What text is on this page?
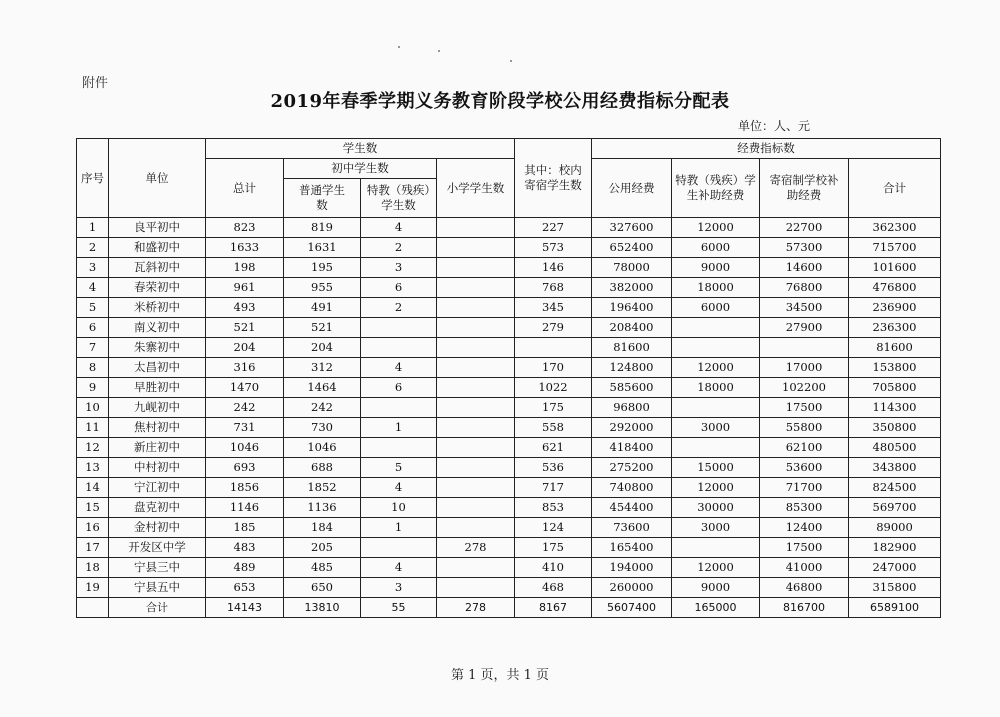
附件
2019年春季学期义务教育阶段学校公用经费指标分配表
单位：人、元
序号	单位	学生数				其中：校内寄宿学生数	经费指标数			
		总计	初中学生数		小学学生数		公用经费	特教（残疾）学生补助经费	寄宿制学校补助经费	合计
			普通学生数	特教（残疾）学生数						
1	良平初中	823	819	4		227	327600	12000	22700	362300
2	和盛初中	1633	1631	2		573	652400	6000	57300	715700
3	瓦斜初中	198	195	3		146	78000	9000	14600	101600
4	春荣初中	961	955	6		768	382000	18000	76800	476800
5	米桥初中	493	491	2		345	196400	6000	34500	236900
6	南义初中	521	521			279	208400		27900	236300
7	朱寨初中	204	204				81600			81600
8	太昌初中	316	312	4		170	124800	12000	17000	153800
9	早胜初中	1470	1464	6		1022	585600	18000	102200	705800
10	九岘初中	242	242			175	96800		17500	114300
11	焦村初中	731	730	1		558	292000	3000	55800	350800
12	新庄初中	1046	1046			621	418400		62100	480500
13	中村初中	693	688	5		536	275200	15000	53600	343800
14	宁江初中	1856	1852	4		717	740800	12000	71700	824500
15	盘克初中	1146	1136	10		853	454400	30000	85300	569700
16	金村初中	185	184	1		124	73600	3000	12400	89000
17	开发区中学	483	205		278	175	165400		17500	182900
18	宁县三中	489	485	4		410	194000	12000	41000	247000
19	宁县五中	653	650	3		468	260000	9000	46800	315800
	合计	14143	13810	55	278	8167	5607400	165000	816700	6589100
第 1 页，共 1 页
